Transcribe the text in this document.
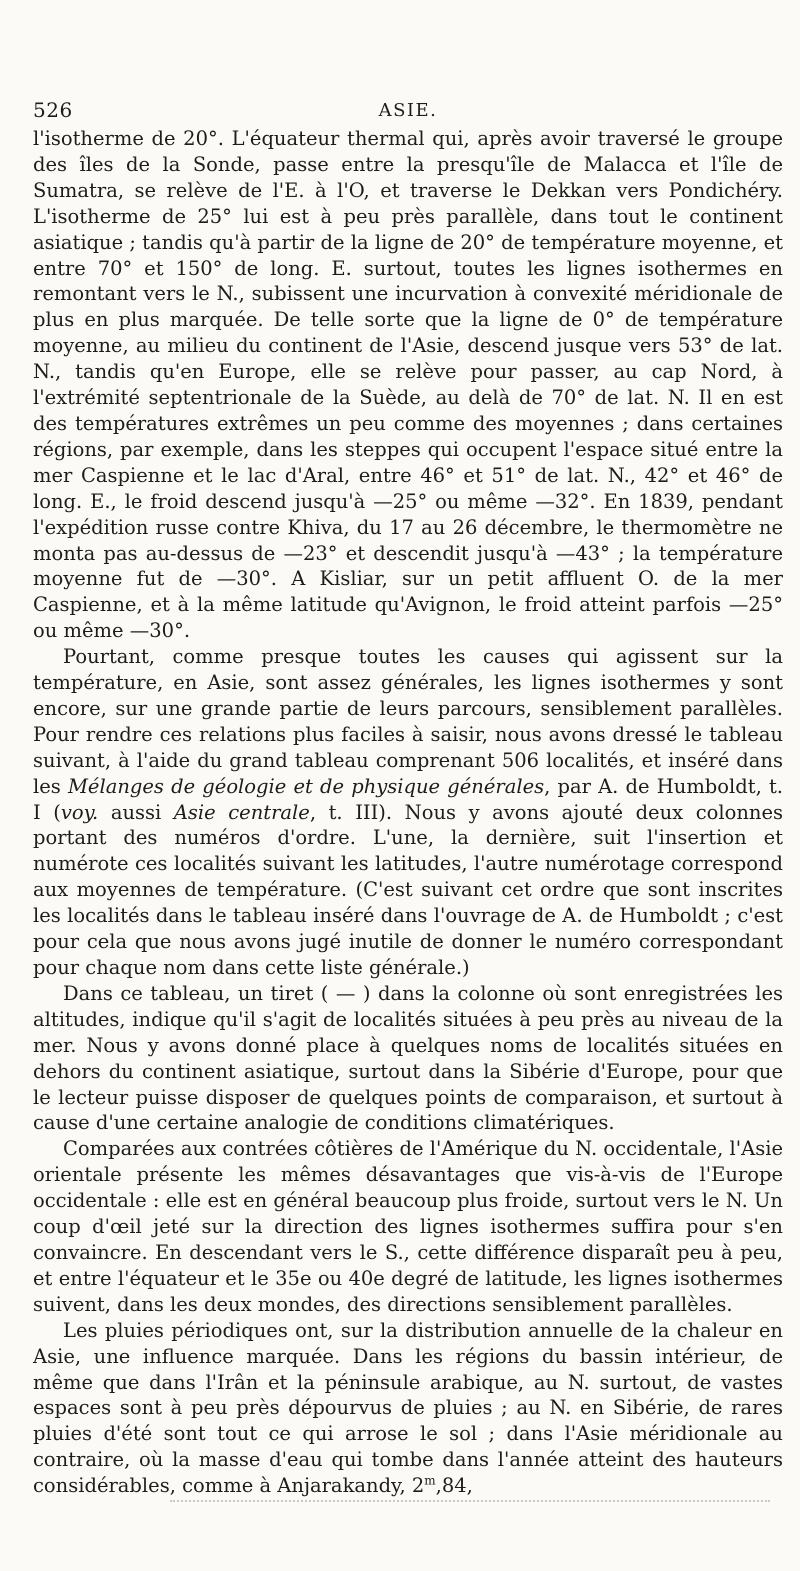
526	ASIE.

l'isotherme de 20°. L'équateur thermal qui, après avoir traversé le groupe des îles de la Sonde, passe entre la presqu'île de Malacca et l'île de Sumatra, se relève de l'E. à l'O, et traverse le Dekkan vers Pondichéry. L'isotherme de 25° lui est à peu près parallèle, dans tout le continent asiatique ; tandis qu'à partir de la ligne de 20° de température moyenne, et entre 70° et 150° de long. E. surtout, toutes les lignes isothermes en remontant vers le N., subissent une incurvation à convexité méridionale de plus en plus marquée. De telle sorte que la ligne de 0° de température moyenne, au milieu du continent de l'Asie, descend jusque vers 53° de lat. N., tandis qu'en Europe, elle se relève pour passer, au cap Nord, à l'extrémité septentrionale de la Suède, au delà de 70° de lat. N. Il en est des températures extrêmes un peu comme des moyennes ; dans certaines régions, par exemple, dans les steppes qui occupent l'espace situé entre la mer Caspienne et le lac d'Aral, entre 46° et 51° de lat. N., 42° et 46° de long. E., le froid descend jusqu'à —25° ou même —32°. En 1839, pendant l'expédition russe contre Khiva, du 17 au 26 décembre, le thermomètre ne monta pas au-dessus de —23° et descendit jusqu'à —43° ; la température moyenne fut de —30°. A Kisliar, sur un petit affluent O. de la mer Caspienne, et à la même latitude qu'Avignon, le froid atteint parfois —25° ou même —30°.

Pourtant, comme presque toutes les causes qui agissent sur la température, en Asie, sont assez générales, les lignes isothermes y sont encore, sur une grande partie de leurs parcours, sensiblement parallèles. Pour rendre ces relations plus faciles à saisir, nous avons dressé le tableau suivant, à l'aide du grand tableau comprenant 506 localités, et inséré dans les Mélanges de géologie et de physique générales, par A. de Humboldt, t. I (voy. aussi Asie centrale, t. III). Nous y avons ajouté deux colonnes portant des numéros d'ordre. L'une, la dernière, suit l'insertion et numérote ces localités suivant les latitudes, l'autre numérotage correspond aux moyennes de température. (C'est suivant cet ordre que sont inscrites les localités dans le tableau inséré dans l'ouvrage de A. de Humboldt ; c'est pour cela que nous avons jugé inutile de donner le numéro correspondant pour chaque nom dans cette liste générale.)

Dans ce tableau, un tiret ( — ) dans la colonne où sont enregistrées les altitudes, indique qu'il s'agit de localités situées à peu près au niveau de la mer. Nous y avons donné place à quelques noms de localités situées en dehors du continent asiatique, surtout dans la Sibérie d'Europe, pour que le lecteur puisse disposer de quelques points de comparaison, et surtout à cause d'une certaine analogie de conditions climatériques.

Comparées aux contrées côtières de l'Amérique du N. occidentale, l'Asie orientale présente les mêmes désavantages que vis-à-vis de l'Europe occidentale : elle est en général beaucoup plus froide, surtout vers le N. Un coup d'œil jeté sur la direction des lignes isothermes suffira pour s'en convaincre. En descendant vers le S., cette différence disparaît peu à peu, et entre l'équateur et le 35e ou 40e degré de latitude, les lignes isothermes suivent, dans les deux mondes, des directions sensiblement parallèles.

Les pluies périodiques ont, sur la distribution annuelle de la chaleur en Asie, une influence marquée. Dans les régions du bassin intérieur, de même que dans l'Irân et la péninsule arabique, au N. surtout, de vastes espaces sont à peu près dépourvus de pluies ; au N. en Sibérie, de rares pluies d'été sont tout ce qui arrose le sol ; dans l'Asie méridionale au contraire, où la masse d'eau qui tombe dans l'année atteint des hauteurs considérables, comme à Anjarakandy, 2$^m$,84,
